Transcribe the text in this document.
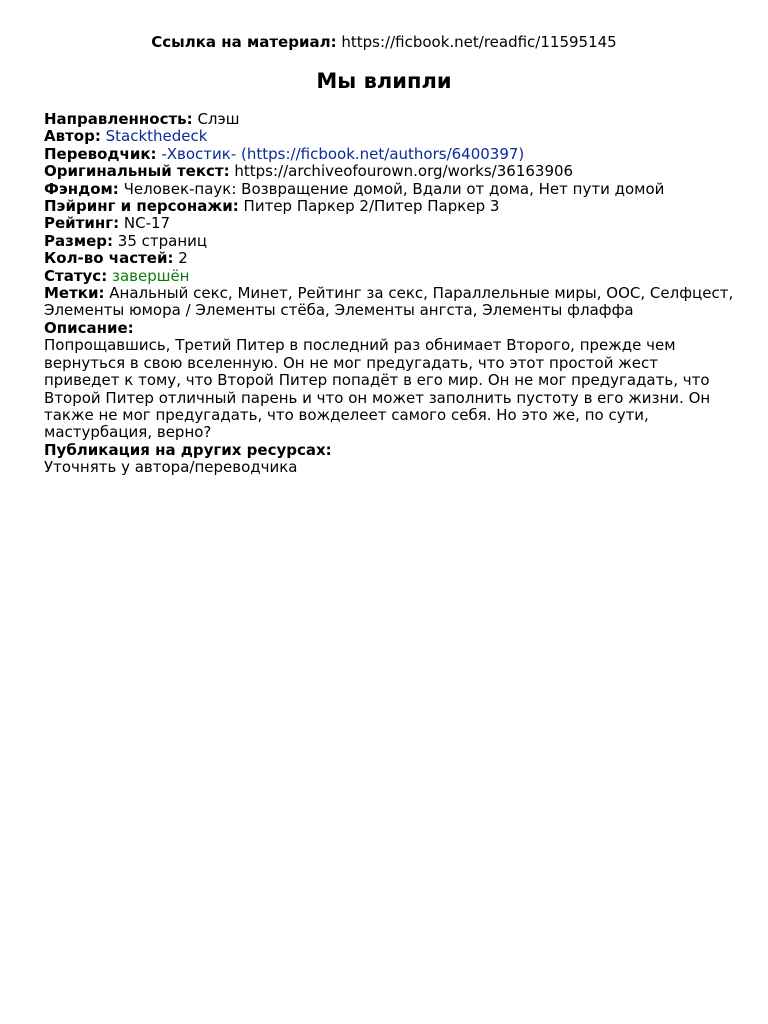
Ссылка на материал: https://ficbook.net/readfic/11595145
Мы влипли
Направленность: Слэш
Автор: Stackthedeck
Переводчик: -Хвостик- (https://ficbook.net/authors/6400397)
Оригинальный текст: https://archiveofourown.org/works/36163906
Фэндом: Человек-паук: Возвращение домой, Вдали от дома, Нет пути домой
Пэйринг и персонажи: Питер Паркер 2/Питер Паркер 3
Рейтинг: NC-17
Размер: 35 страниц
Кол-во частей: 2
Статус: завершён
Метки: Анальный секс, Минет, Рейтинг за секс, Параллельные миры, ООС, Селфцест, Элементы юмора / Элементы стёба, Элементы ангста, Элементы флаффа
Описание:
Попрощавшись, Третий Питер в последний раз обнимает Второго, прежде чем вернуться в свою вселенную. Он не мог предугадать, что этот простой жест приведет к тому, что Второй Питер попадёт в его мир. Он не мог предугадать, что Второй Питер отличный парень и что он может заполнить пустоту в его жизни. Он также не мог предугадать, что вожделеет самого себя. Но это же, по сути, мастурбация, верно?
Публикация на других ресурсах:
Уточнять у автора/переводчика
